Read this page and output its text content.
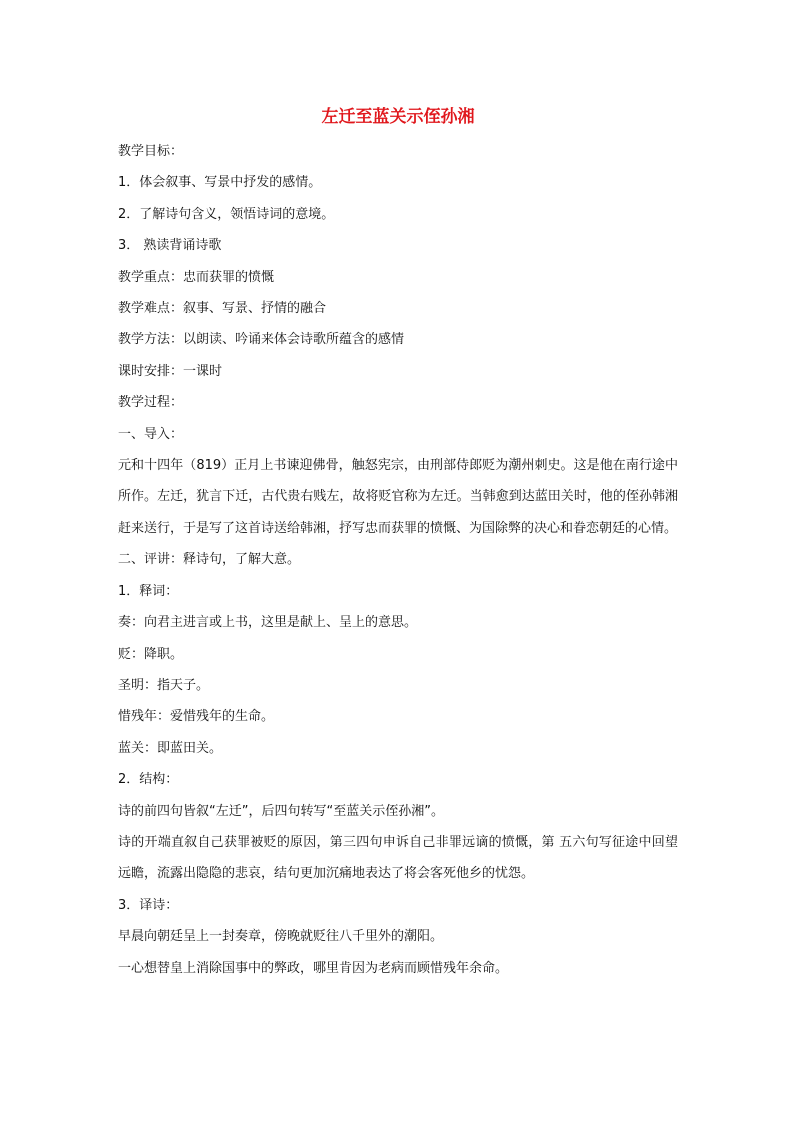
左迁至蓝关示侄孙湘

教学目标：

1．体会叙事、写景中抒发的感情。

2．了解诗句含义，领悟诗词的意境。

3． 熟读背诵诗歌

教学重点：忠而获罪的愤慨

教学难点：叙事、写景、抒情的融合

教学方法：以朗读、吟诵来体会诗歌所蕴含的感情

课时安排：一课时

教学过程：

一、导入：

元和十四年（819）正月上书谏迎佛骨，触怒宪宗，由刑部侍郎贬为潮州刺史。这是他在南行途中所作。左迁，犹言下迁，古代贵右贱左，故将贬官称为左迁。当韩愈到达蓝田关时，他的侄孙韩湘赶来送行，于是写了这首诗送给韩湘，抒写忠而获罪的愤慨、为国除弊的决心和眷恋朝廷的心情。

二、评讲：释诗句，了解大意。

1．释词：

奏：向君主进言或上书，这里是献上、呈上的意思。

贬：降职。

圣明：指天子。

惜残年：爱惜残年的生命。

蓝关：即蓝田关。

2．结构：

诗的前四句皆叙“左迁”，后四句转写“至蓝关示侄孙湘”。

诗的开端直叙自己获罪被贬的原因，第三四句申诉自己非罪远谪的愤慨，第 五六句写征途中回望远瞻，流露出隐隐的悲哀，结句更加沉痛地表达了将会客死他乡的忧怨。

3．译诗：

早晨向朝廷呈上一封奏章，傍晚就贬往八千里外的潮阳。

一心想替皇上消除国事中的弊政，哪里肯因为老病而顾惜残年余命。
